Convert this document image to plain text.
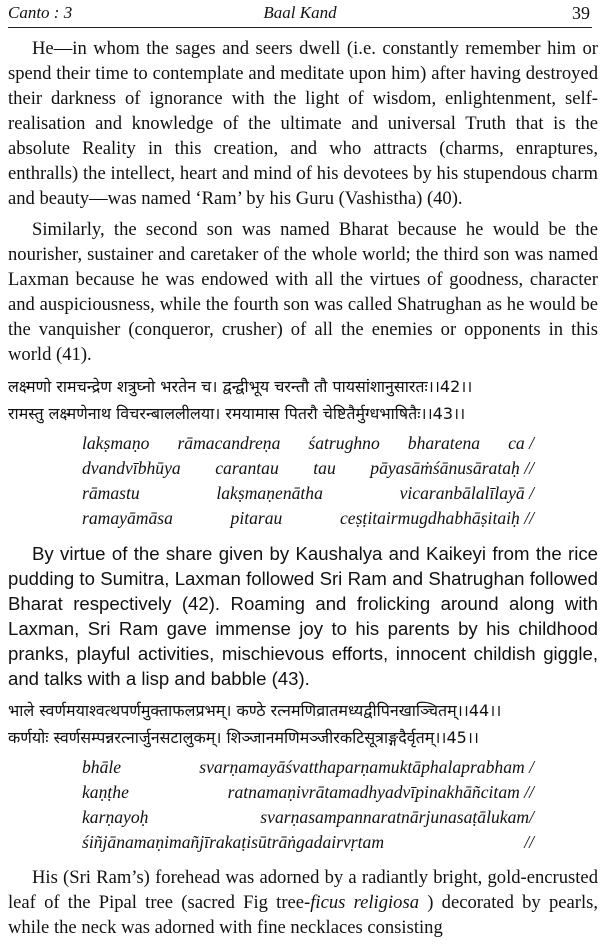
Canto : 3	Baal Kand	39

He—in whom the sages and seers dwell (i.e. constantly remember him or spend their time to contemplate and meditate upon him) after having destroyed their darkness of ignorance with the light of wisdom, enlightenment, self-realisation and knowledge of the ultimate and universal Truth that is the absolute Reality in this creation, and who attracts (charms, enraptures, enthralls) the intellect, heart and mind of his devotees by his stupendous charm and beauty—was named ‘Ram’ by his Guru (Vashistha) (40).

Similarly, the second son was named Bharat because he would be the nourisher, sustainer and caretaker of the whole world; the third son was named Laxman because he was endowed with all the virtues of goodness, character and auspiciousness, while the fourth son was called Shatrughan as he would be the vanquisher (conqueror, crusher) of all the enemies or opponents in this world (41).

लक्ष्मणो रामचन्द्रेण शत्रुघ्नो भरतेन च। द्वन्द्वीभूय चरन्तौ तौ पायसांशानुसारतः।।42।।
रामस्तु लक्ष्मणेनाथ विचरन्बाललीलया। रमयामास पितरौ चेष्टितैर्मुग्धभाषितैः।।43।।
lakṣmaṇo rāmacandreṇa śatrughno bharatena ca /
dvandvībhūya carantau tau pāyasāṁśānusārataḥ //
rāmastu	lakṣmaṇenātha	vicaranbālalīlayā /
ramayāmāsa	pitarau	ceṣṭitairmugdhabhāṣitaiḥ //

By virtue of the share given by Kaushalya and Kaikeyi from the rice pudding to Sumitra, Laxman followed Sri Ram and Shatrughan followed Bharat respectively (42). Roaming and frolicking around along with Laxman, Sri Ram gave immense joy to his parents by his childhood pranks, playful activities, mischievous efforts, innocent childish giggle, and talks with a lisp and babble (43).

भाले स्वर्णमयाश्वत्थपर्णमुक्ताफलप्रभम्। कण्ठे रत्नमणिव्रातमध्यद्वीपिनखाञ्चितम्।।44।।
कर्णयोः स्वर्णसम्पन्नरत्नार्जुनसटालुकम्। शिञ्जानमणिमञ्जीरकटिसूत्राङ्गदैर्वृतम्।।45।।
bhāle	svarṇamayāśvatthaparṇamuktāphalaprabham /
kaṇṭhe	ratnamaṇivrātamadhyadvīpinakhāñcitam //
karṇayoḥ	svarṇasampannaratnārjunasaṭālukam/
śiñjānamaṇimañjīrakaṭisūtrāṅgadairvṛtam	//

His (Sri Ram’s) forehead was adorned by a radiantly bright, gold-encrusted leaf of the Pipal tree (sacred Fig tree-ficus religiosa ) decorated by pearls, while the neck was adorned with fine necklaces consisting
